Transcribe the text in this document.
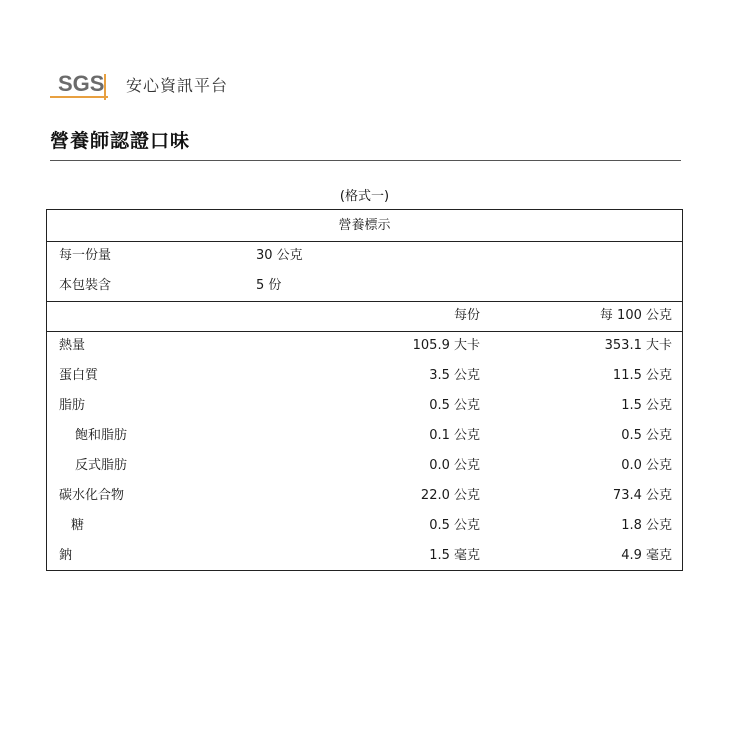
SGS 安心資訊平台
營養師認證口味
(格式一)
營養標示
每一份量	30 公克
本包裝含	5 份
每份	每 100 公克
熱量	105.9 大卡	353.1 大卡
蛋白質	3.5 公克	11.5 公克
脂肪	0.5 公克	1.5 公克
飽和脂肪	0.1 公克	0.5 公克
反式脂肪	0.0 公克	0.0 公克
碳水化合物	22.0 公克	73.4 公克
糖	0.5 公克	1.8 公克
鈉	1.5 毫克	4.9 毫克
